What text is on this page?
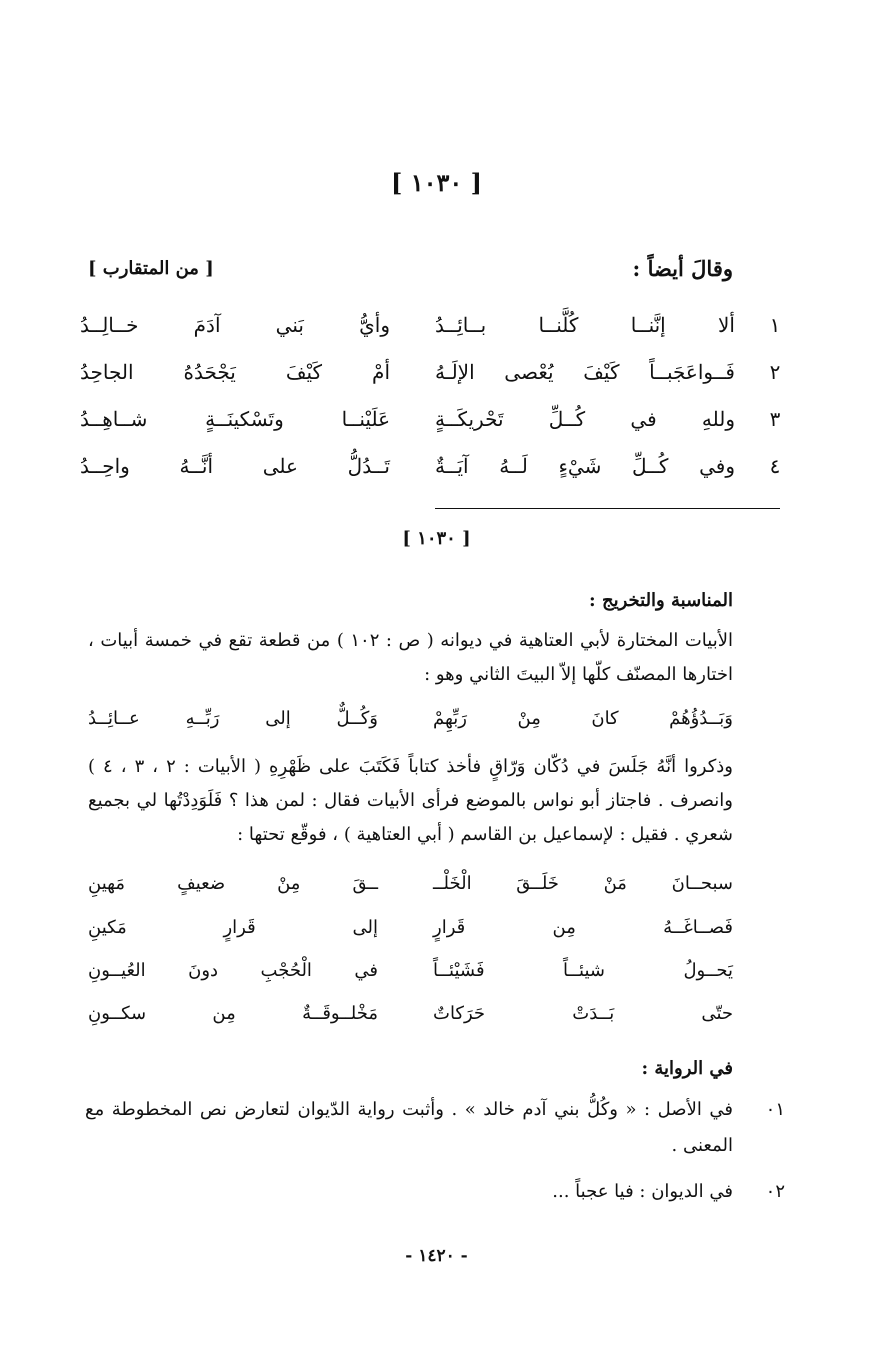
[ ١٠٣٠ ]
وقالَ أيضاً :
[ من المتقارب ]
١
ألا إنَّنــا كُلَّنــا بــائِــدُ
وأيُّ بَني آدَمَ خــالِــدُ
٢
فَــواعَجَبــاً كَيْفَ يُعْصى الإلَـهُ
أمْ كَيْفَ يَجْحَدُهُ الجاحِدُ
٣
وللهِ في كُــلِّ تَحْريكَــةٍ
عَلَيْنــا وتَسْكينَــةٍ شــاهِــدُ
٤
وفي كُــلِّ شَيْءٍ لَــهُ آيَــةٌ
تَــدُلُّ على أنَّــهُ واحِــدُ
[ ١٠٣٠ ]
المناسبة والتخريج :
الأبيات المختارة لأبي العتاهية في ديوانه ( ص : ١٠٢ ) من قطعة تقع في خمسة أبيات ، اختارها المصنّف كلّها إلاّ البيتَ الثاني وهو :
وَبَــدُؤُهُمْ كانَ مِنْ رَبِّهِمْ
وَكُــلٌّ إلى رَبِّــهِ عــائِــدُ
وذكروا أنَّهُ جَلَسَ في دُكّان وَرّاقٍ فأخذ كتاباً فَكَتَبَ على ظَهْرِهِ ( الأبيات : ٢ ، ٣ ، ٤ ) وانصرف . فاجتاز أبو نواس بالموضع فرأى الأبيات فقال : لمن هذا ؟ فَلَوَدِدْتُها لي بجميع شعري . فقيل : لإسماعيل بن القاسم ( أبي العتاهية ) ، فوقّع تحتها :
سبحــانَ مَنْ خَلَــقَ الْخَلْــ
ــقَ مِنْ ضعيفٍ مَهينِ
فَصــاغَــهُ مِن قَرارٍ
إلى قَرارٍ مَكينِ
يَحــولُ شيئــاً فَشَيْئــاً
في الْحُجْبِ دونَ العُيــونِ
حتّى بَــدَتْ حَرَكاتٌ
مَخْلــوقَــةٌ مِن سكــونِ
في الرواية :
٠١
في الأصل : « وكُلُّ بني آدم خالد » . وأثبت رواية الدّيوان لتعارض نص المخطوطة مع المعنى .
٠٢
في الديوان : فيا عجباً ...
- ١٤٢٠ -
